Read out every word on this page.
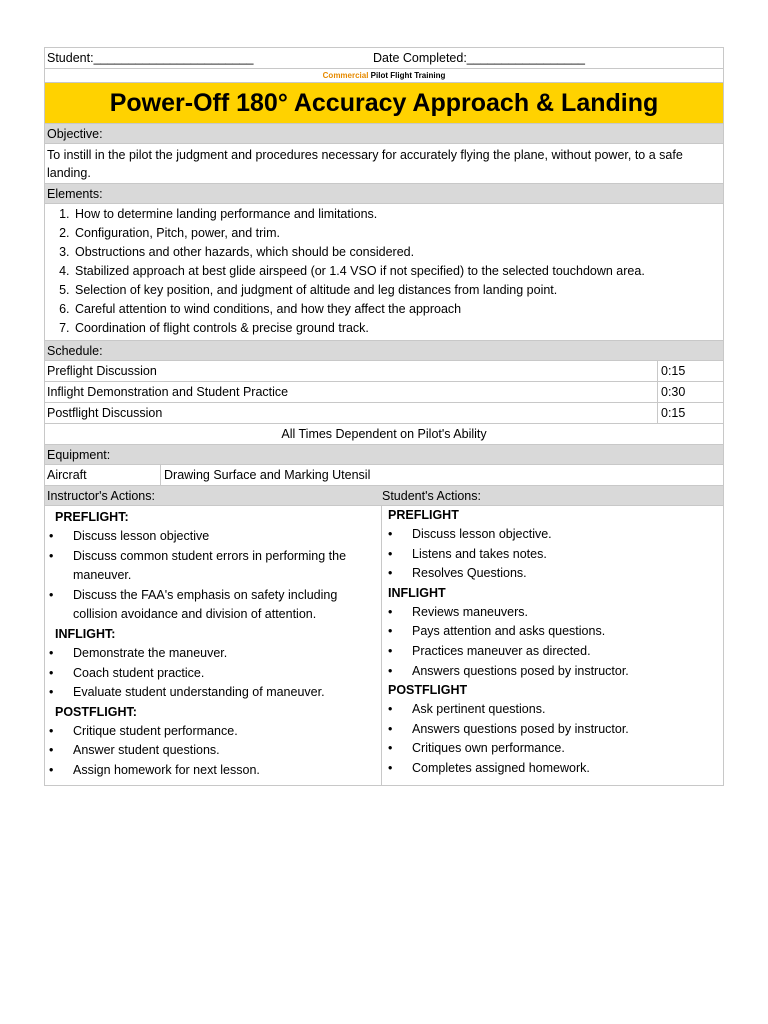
Student:_______________________	Date Completed:_________________
Commercial Pilot Flight Training
Power-Off 180° Accuracy Approach & Landing
Objective:
To instill in the pilot the judgment and procedures necessary for accurately flying the plane, without power, to a safe landing.
Elements:
1. How to determine landing performance and limitations.
2. Configuration, Pitch, power, and trim.
3. Obstructions and other hazards, which should be considered.
4. Stabilized approach at best glide airspeed (or 1.4 VSO if not specified) to the selected touchdown area.
5. Selection of key position, and judgment of altitude and leg distances from landing point.
6. Careful attention to wind conditions, and how they affect the approach
7. Coordination of flight controls & precise ground track.
Schedule:
Preflight Discussion	0:15
Inflight Demonstration and Student Practice	0:30
Postflight Discussion	0:15
All Times Dependent on Pilot's Ability
Equipment:
Aircraft	Drawing Surface and Marking Utensil
Instructor's Actions:	Student's Actions:
PREFLIGHT:
• Discuss lesson objective
• Discuss common student errors in performing the maneuver.
• Discuss the FAA's emphasis on safety including collision avoidance and division of attention.
INFLIGHT:
• Demonstrate the maneuver.
• Coach student practice.
• Evaluate student understanding of maneuver.
POSTFLIGHT:
• Critique student performance.
• Answer student questions.
• Assign homework for next lesson.
PREFLIGHT
• Discuss lesson objective.
• Listens and takes notes.
• Resolves Questions.
INFLIGHT
• Reviews maneuvers.
• Pays attention and asks questions.
• Practices maneuver as directed.
• Answers questions posed by instructor.
POSTFLIGHT
• Ask pertinent questions.
• Answers questions posed by instructor.
• Critiques own performance.
• Completes assigned homework.
